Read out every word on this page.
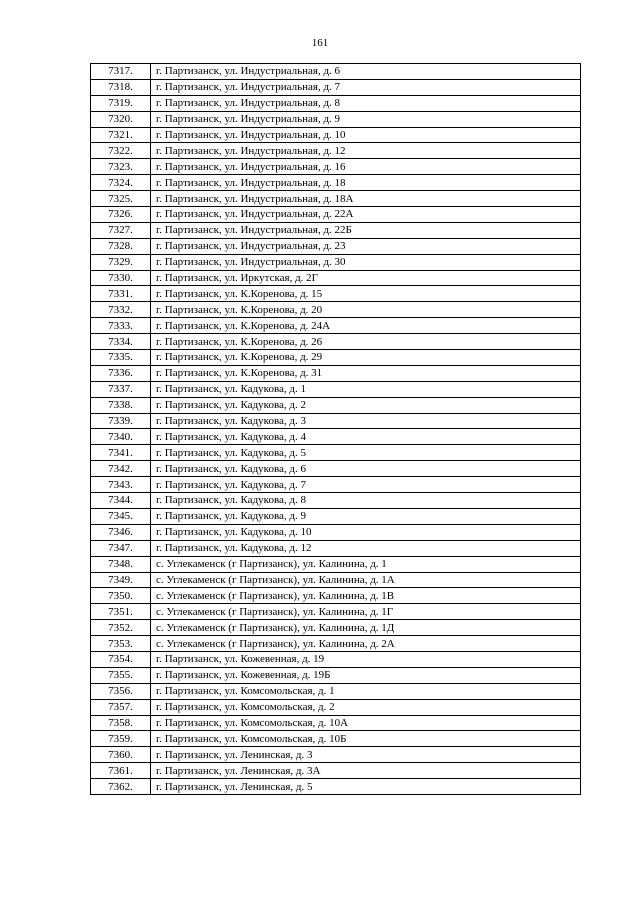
161
7317.	г. Партизанск, ул. Индустриальная, д. 6
7318.	г. Партизанск, ул. Индустриальная, д. 7
7319.	г. Партизанск, ул. Индустриальная, д. 8
7320.	г. Партизанск, ул. Индустриальная, д. 9
7321.	г. Партизанск, ул. Индустриальная, д. 10
7322.	г. Партизанск, ул. Индустриальная, д. 12
7323.	г. Партизанск, ул. Индустриальная, д. 16
7324.	г. Партизанск, ул. Индустриальная, д. 18
7325.	г. Партизанск, ул. Индустриальная, д. 18А
7326.	г. Партизанск, ул. Индустриальная, д. 22А
7327.	г. Партизанск, ул. Индустриальная, д. 22Б
7328.	г. Партизанск, ул. Индустриальная, д. 23
7329.	г. Партизанск, ул. Индустриальная, д. 30
7330.	г. Партизанск, ул. Иркутская, д. 2Г
7331.	г. Партизанск, ул. К.Коренова, д. 15
7332.	г. Партизанск, ул. К.Коренова, д. 20
7333.	г. Партизанск, ул. К.Коренова, д. 24А
7334.	г. Партизанск, ул. К.Коренова, д. 26
7335.	г. Партизанск, ул. К.Коренова, д. 29
7336.	г. Партизанск, ул. К.Коренова, д. 31
7337.	г. Партизанск, ул. Кадукова, д. 1
7338.	г. Партизанск, ул. Кадукова, д. 2
7339.	г. Партизанск, ул. Кадукова, д. 3
7340.	г. Партизанск, ул. Кадукова, д. 4
7341.	г. Партизанск, ул. Кадукова, д. 5
7342.	г. Партизанск, ул. Кадукова, д. 6
7343.	г. Партизанск, ул. Кадукова, д. 7
7344.	г. Партизанск, ул. Кадукова, д. 8
7345.	г. Партизанск, ул. Кадукова, д. 9
7346.	г. Партизанск, ул. Кадукова, д. 10
7347.	г. Партизанск, ул. Кадукова, д. 12
7348.	с. Углекаменск (г Партизанск), ул. Калинина, д. 1
7349.	с. Углекаменск (г Партизанск), ул. Калинина, д. 1А
7350.	с. Углекаменск (г Партизанск), ул. Калинина, д. 1В
7351.	с. Углекаменск (г Партизанск), ул. Калинина, д. 1Г
7352.	с. Углекаменск (г Партизанск), ул. Калинина, д. 1Д
7353.	с. Углекаменск (г Партизанск), ул. Калинина, д. 2А
7354.	г. Партизанск, ул. Кожевенная, д. 19
7355.	г. Партизанск, ул. Кожевенная, д. 19Б
7356.	г. Партизанск, ул. Комсомольская, д. 1
7357.	г. Партизанск, ул. Комсомольская, д. 2
7358.	г. Партизанск, ул. Комсомольская, д. 10А
7359.	г. Партизанск, ул. Комсомольская, д. 10Б
7360.	г. Партизанск, ул. Ленинская, д. 3
7361.	г. Партизанск, ул. Ленинская, д. 3А
7362.	г. Партизанск, ул. Ленинская, д. 5
